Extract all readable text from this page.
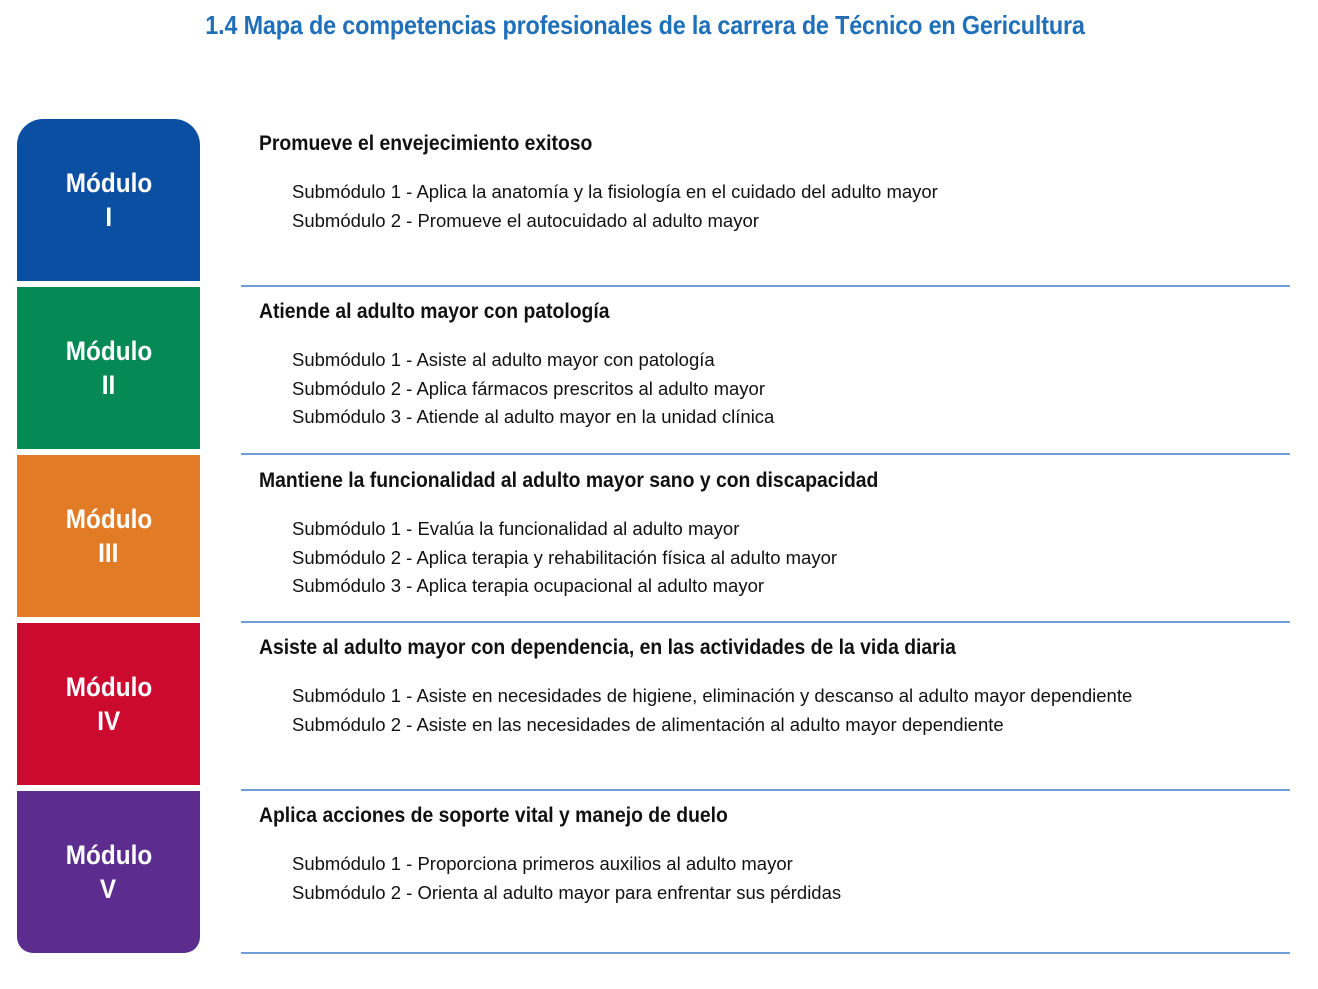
1.4 Mapa de competencias profesionales de la carrera de Técnico en Gericultura
Módulo
I
Módulo
II
Módulo
III
Módulo
IV
Módulo
V
Promueve el envejecimiento exitoso
Submódulo 1 - Aplica la anatomía y la fisiología en el cuidado del adulto mayor
Submódulo 2 - Promueve el autocuidado al adulto mayor
Atiende al adulto mayor con patología
Submódulo 1 - Asiste al adulto mayor con patología
Submódulo 2 - Aplica fármacos prescritos al adulto mayor
Submódulo 3 - Atiende al adulto mayor en la unidad clínica
Mantiene la funcionalidad al adulto mayor sano y con discapacidad
Submódulo 1 - Evalúa la funcionalidad al adulto mayor
Submódulo 2 - Aplica terapia y rehabilitación física al adulto mayor
Submódulo 3 - Aplica terapia ocupacional al adulto mayor
Asiste al adulto mayor con dependencia, en las actividades de la vida diaria
Submódulo 1 - Asiste en necesidades de higiene, eliminación y descanso al adulto mayor dependiente
Submódulo 2 - Asiste en las necesidades de alimentación al adulto mayor dependiente
Aplica acciones de soporte vital y manejo de duelo
Submódulo 1 - Proporciona primeros auxilios al adulto mayor
Submódulo 2 - Orienta al adulto mayor para enfrentar sus pérdidas
